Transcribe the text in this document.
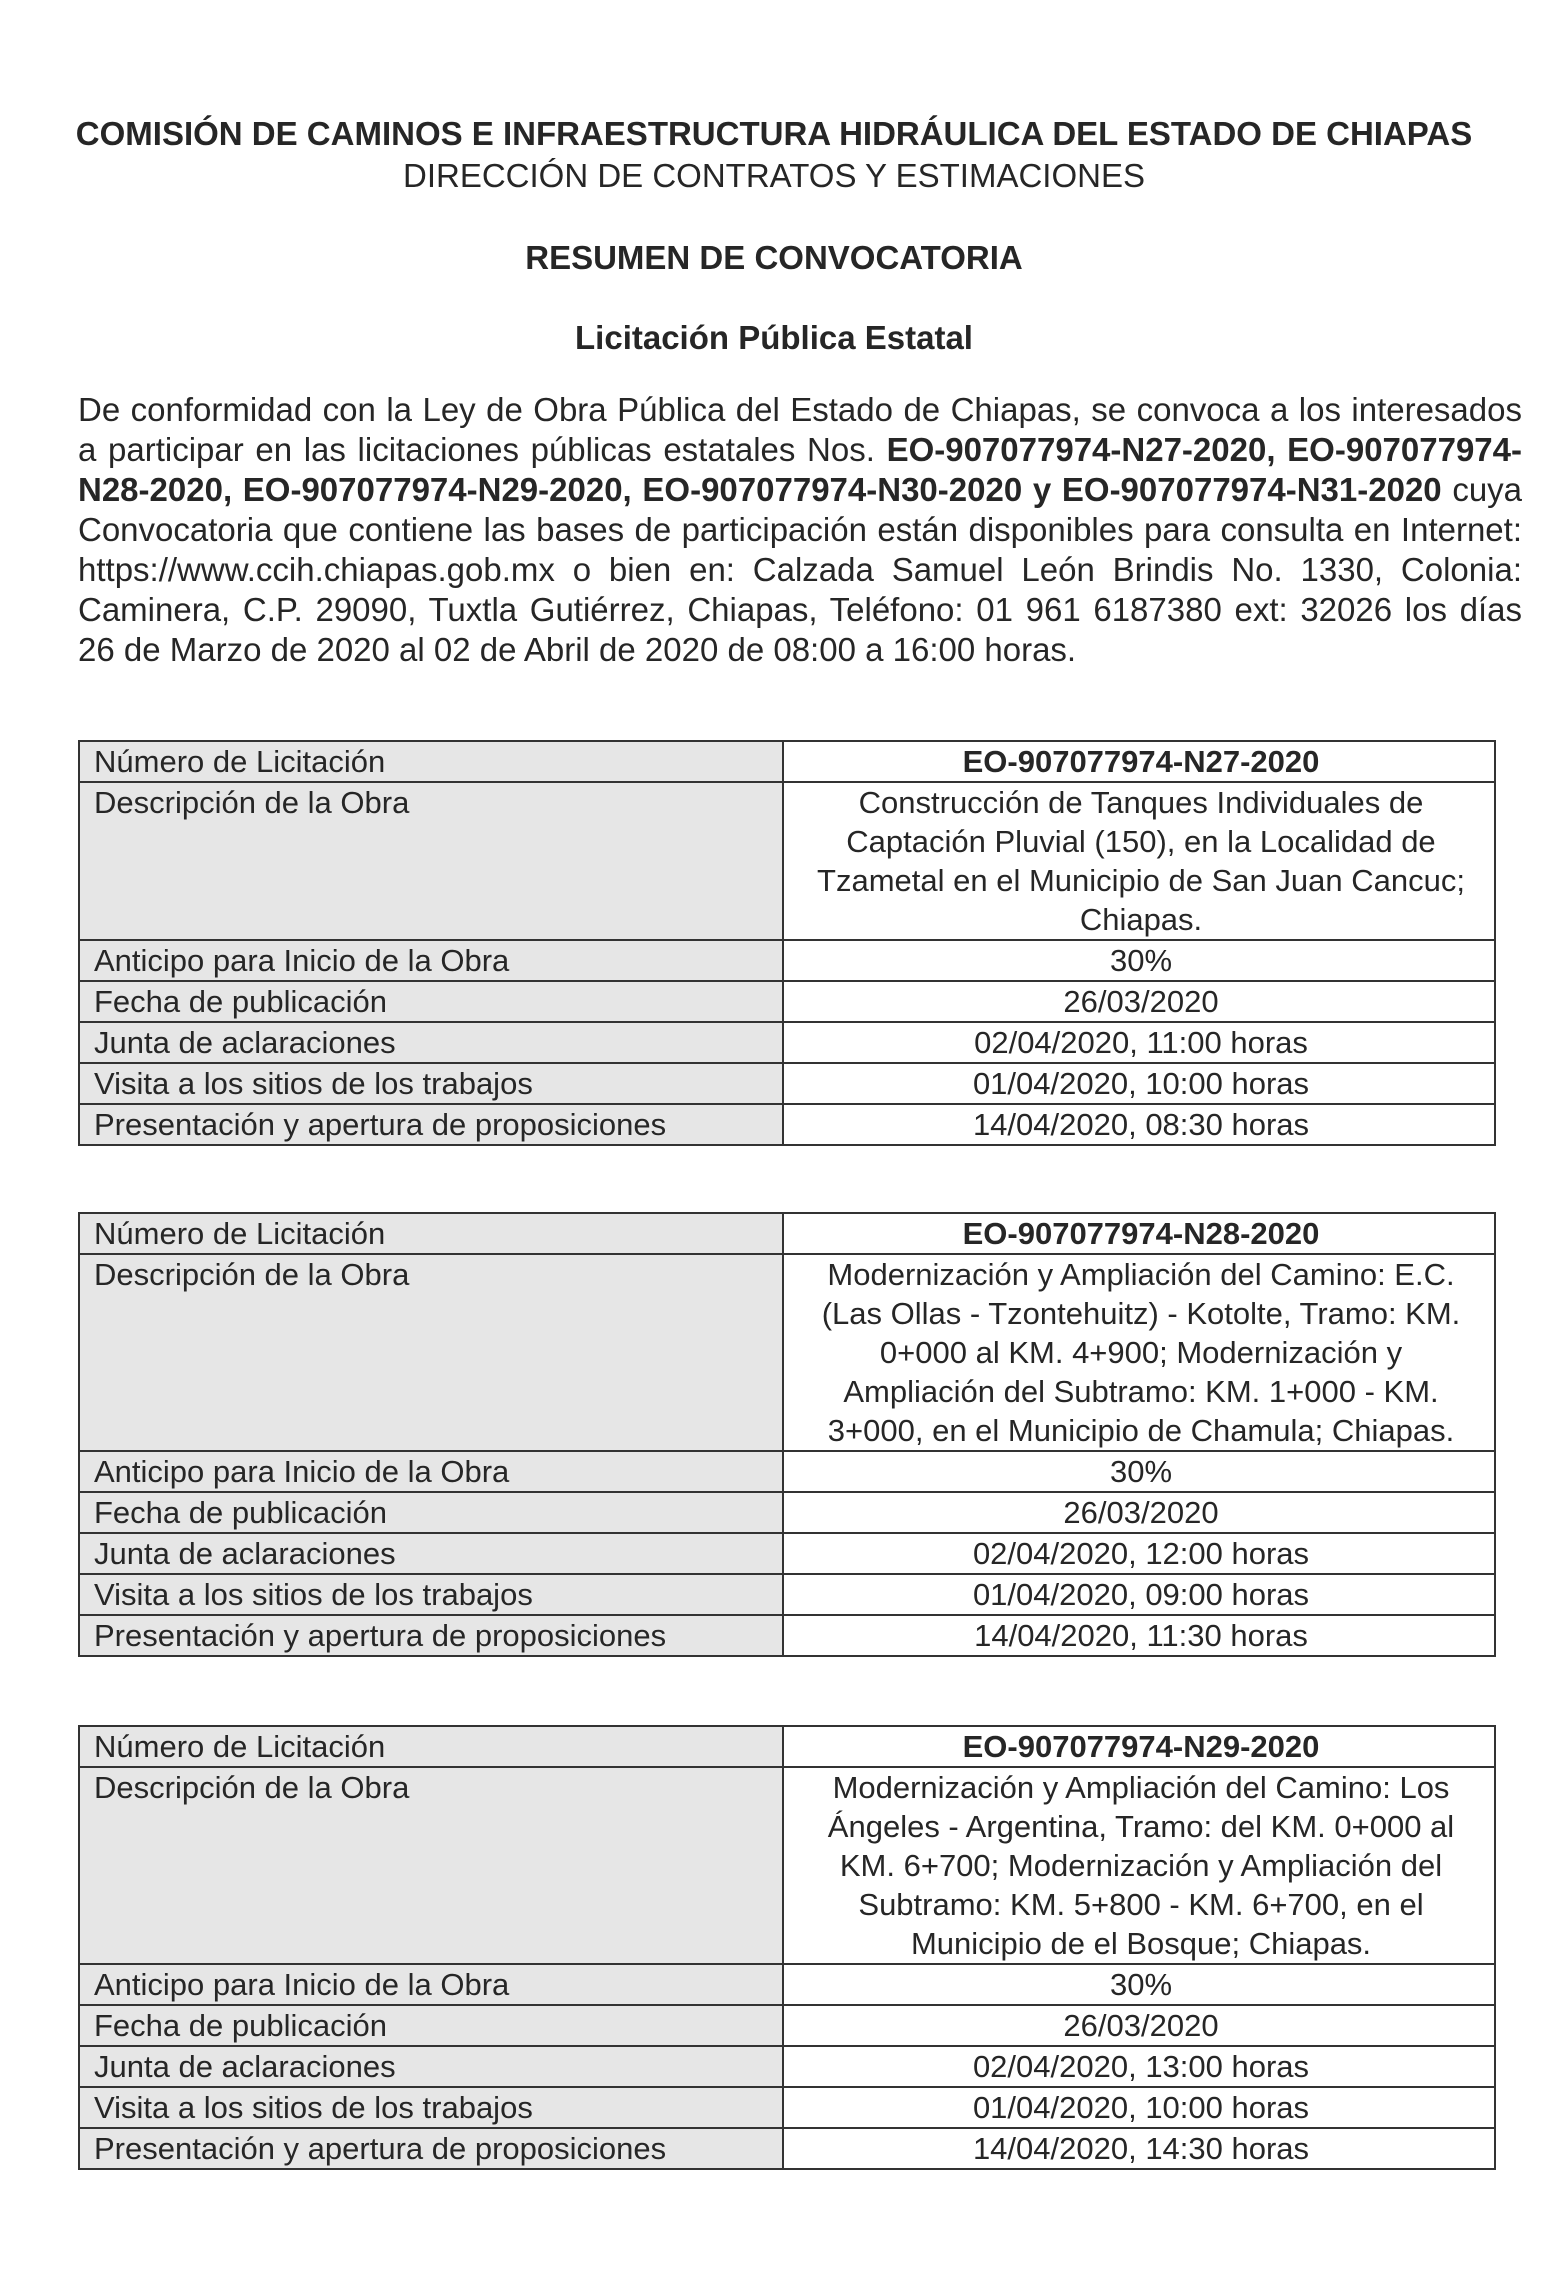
COMISIÓN DE CAMINOS E INFRAESTRUCTURA HIDRÁULICA DEL ESTADO DE CHIAPAS
DIRECCIÓN DE CONTRATOS Y ESTIMACIONES
RESUMEN DE CONVOCATORIA
Licitación Pública Estatal
De conformidad con la Ley de Obra Pública del Estado de Chiapas, se convoca a los interesados a participar en las licitaciones públicas estatales Nos. EO-907077974-N27-2020, EO-907077974-N28-2020, EO-907077974-N29-2020, EO-907077974-N30-2020 y EO-907077974-N31-2020 cuya Convocatoria que contiene las bases de participación están disponibles para consulta en Internet: https://www.ccih.chiapas.gob.mx o bien en: Calzada Samuel León Brindis No. 1330, Colonia: Caminera, C.P. 29090, Tuxtla Gutiérrez, Chiapas, Teléfono: 01 961 6187380 ext: 32026 los días 26 de Marzo de 2020 al 02 de Abril de 2020 de 08:00 a 16:00 horas.
Número de Licitación	EO-907077974-N27-2020
Descripción de la Obra	Construcción de Tanques Individuales de
Captación Pluvial (150), en la Localidad de
Tzametal en el Municipio de San Juan Cancuc;
Chiapas.

Anticipo para Inicio de la Obra	30%
Fecha de publicación	26/03/2020
Junta de aclaraciones	02/04/2020, 11:00 horas
Visita a los sitios de los trabajos	01/04/2020, 10:00 horas
Presentación y apertura de proposiciones	14/04/2020, 08:30 horas
Número de Licitación	EO-907077974-N28-2020
Descripción de la Obra	Modernización y Ampliación del Camino: E.C.
(Las Ollas - Tzontehuitz) - Kotolte, Tramo: KM.
0+000 al KM. 4+900; Modernización y
Ampliación del Subtramo: KM. 1+000 - KM.
3+000, en el Municipio de Chamula; Chiapas.

Anticipo para Inicio de la Obra	30%
Fecha de publicación	26/03/2020
Junta de aclaraciones	02/04/2020, 12:00 horas
Visita a los sitios de los trabajos	01/04/2020, 09:00 horas
Presentación y apertura de proposiciones	14/04/2020, 11:30 horas
Número de Licitación	EO-907077974-N29-2020
Descripción de la Obra	Modernización y Ampliación del Camino: Los
Ángeles - Argentina, Tramo: del KM. 0+000 al
KM. 6+700; Modernización y Ampliación del
Subtramo: KM. 5+800 - KM. 6+700, en el
Municipio de el Bosque; Chiapas.

Anticipo para Inicio de la Obra	30%
Fecha de publicación	26/03/2020
Junta de aclaraciones	02/04/2020, 13:00 horas
Visita a los sitios de los trabajos	01/04/2020, 10:00 horas
Presentación y apertura de proposiciones	14/04/2020, 14:30 horas
